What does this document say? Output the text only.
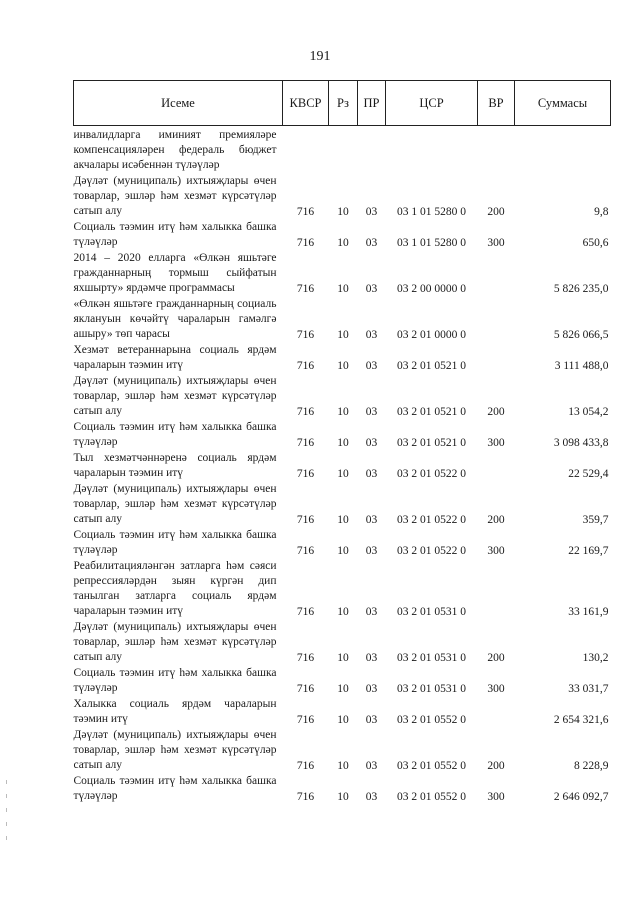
191
Исеме	КВСР	Рз	ПР	ЦСР	ВР	Суммасы
инвалидларга иминият премияләре компенсацияләрен федераль бюджет акчалары исәбеннән түләүләр						
Дәүләт (муниципаль) ихтыяҗлары өчен товарлар, эшләр һәм хезмәт күрсәтүләр сатып алу	716	10	03	03 1 01 5280 0	200	9,8
Социаль тәэмин итү һәм халыкка башка түләүләр	716	10	03	03 1 01 5280 0	300	650,6
2014 – 2020 елларга «Өлкән яшьтәге гражданнарның тормыш сыйфатын яхшырту» ярдәмче программасы	716	10	03	03 2 00 0000 0		5 826 235,0
«Өлкән яшьтәге гражданнарның социаль яклануын көчәйтү чараларын гамәлгә ашыру» төп чарасы	716	10	03	03 2 01 0000 0		5 826 066,5
Хезмәт ветераннарына социаль ярдәм чараларын тәэмин итү	716	10	03	03 2 01 0521 0		3 111 488,0
Дәүләт (муниципаль) ихтыяҗлары өчен товарлар, эшләр һәм хезмәт күрсәтүләр сатып алу	716	10	03	03 2 01 0521 0	200	13 054,2
Социаль тәэмин итү һәм халыкка башка түләүләр	716	10	03	03 2 01 0521 0	300	3 098 433,8
Тыл хезмәтчәннәренә социаль ярдәм чараларын тәэмин итү	716	10	03	03 2 01 0522 0		22 529,4
Дәүләт (муниципаль) ихтыяҗлары өчен товарлар, эшләр һәм хезмәт күрсәтүләр сатып алу	716	10	03	03 2 01 0522 0	200	359,7
Социаль тәэмин итү һәм халыкка башка түләүләр	716	10	03	03 2 01 0522 0	300	22 169,7
Реабилитацияләнгән затларга һәм сәяси репрессияләрдән зыян күргән дип танылган затларга социаль ярдәм чараларын тәэмин итү	716	10	03	03 2 01 0531 0		33 161,9
Дәүләт (муниципаль) ихтыяҗлары өчен товарлар, эшләр һәм хезмәт күрсәтүләр сатып алу	716	10	03	03 2 01 0531 0	200	130,2
Социаль тәэмин итү һәм халыкка башка түләүләр	716	10	03	03 2 01 0531 0	300	33 031,7
Халыкка социаль ярдәм чараларын тәэмин итү	716	10	03	03 2 01 0552 0		2 654 321,6
Дәүләт (муниципаль) ихтыяҗлары өчен товарлар, эшләр һәм хезмәт күрсәтүләр сатып алу	716	10	03	03 2 01 0552 0	200	8 228,9
Социаль тәэмин итү һәм халыкка башка түләүләр	716	10	03	03 2 01 0552 0	300	2 646 092,7
